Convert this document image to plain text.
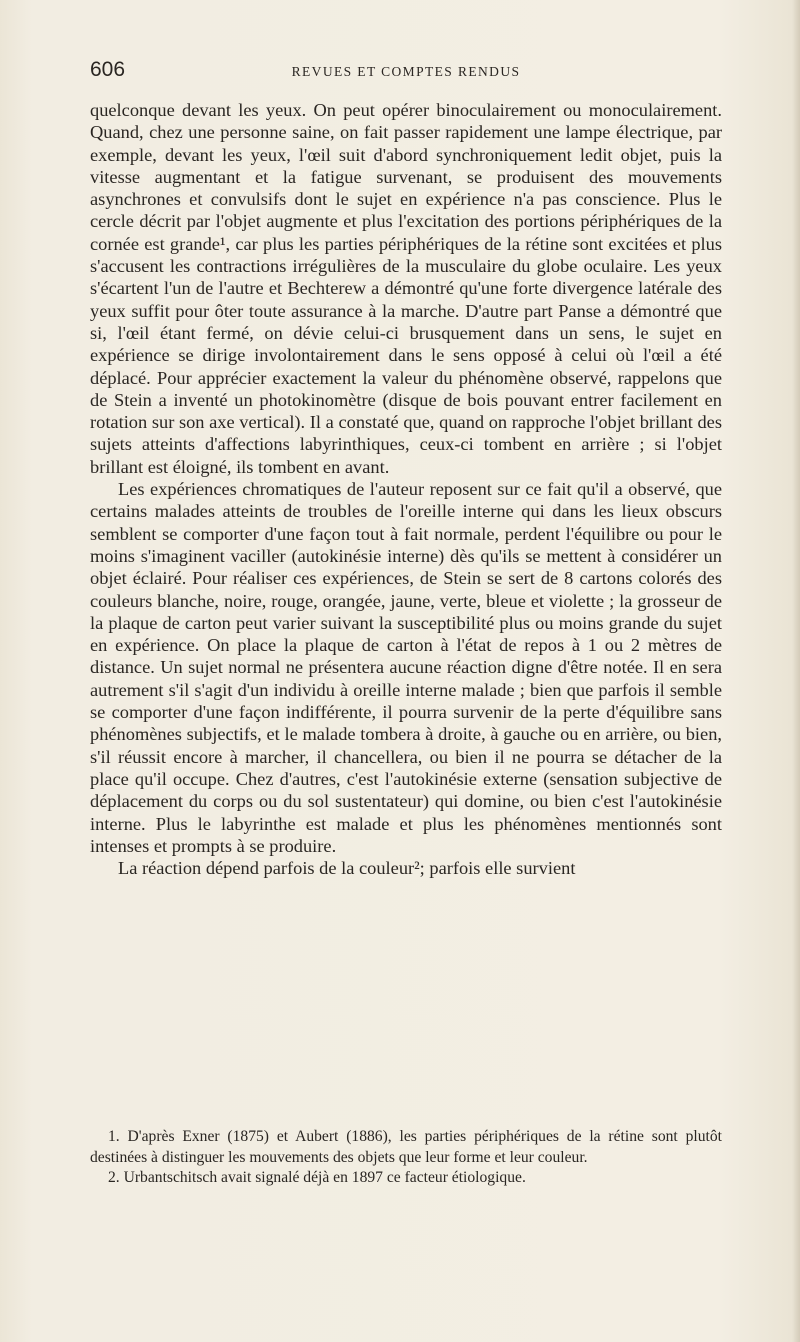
606	REVUES ET COMPTES RENDUS

quelconque devant les yeux. On peut opérer binoculairement ou monoculairement. Quand, chez une personne saine, on fait passer rapidement une lampe électrique, par exemple, devant les yeux, l'œil suit d'abord synchroniquement ledit objet, puis la vitesse augmentant et la fatigue survenant, se produisent des mouvements asynchrones et convulsifs dont le sujet en expérience n'a pas conscience. Plus le cercle décrit par l'objet augmente et plus l'excitation des portions périphériques de la cornée est grande¹, car plus les parties périphériques de la rétine sont excitées et plus s'accusent les contractions irrégulières de la musculaire du globe oculaire. Les yeux s'écartent l'un de l'autre et Bechterew a démontré qu'une forte divergence latérale des yeux suffit pour ôter toute assurance à la marche. D'autre part Panse a démontré que si, l'œil étant fermé, on dévie celui-ci brusquement dans un sens, le sujet en expérience se dirige involontairement dans le sens opposé à celui où l'œil a été déplacé. Pour apprécier exactement la valeur du phénomène observé, rappelons que de Stein a inventé un photokinomètre (disque de bois pouvant entrer facilement en rotation sur son axe vertical). Il a constaté que, quand on rapproche l'objet brillant des sujets atteints d'affections labyrinthiques, ceux-ci tombent en arrière ; si l'objet brillant est éloigné, ils tombent en avant.

Les expériences chromatiques de l'auteur reposent sur ce fait qu'il a observé, que certains malades atteints de troubles de l'oreille interne qui dans les lieux obscurs semblent se comporter d'une façon tout à fait normale, perdent l'équilibre ou pour le moins s'imaginent vaciller (autokinésie interne) dès qu'ils se mettent à considérer un objet éclairé. Pour réaliser ces expériences, de Stein se sert de 8 cartons colorés des couleurs blanche, noire, rouge, orangée, jaune, verte, bleue et violette ; la grosseur de la plaque de carton peut varier suivant la susceptibilité plus ou moins grande du sujet en expérience. On place la plaque de carton à l'état de repos à 1 ou 2 mètres de distance. Un sujet normal ne présentera aucune réaction digne d'être notée. Il en sera autrement s'il s'agit d'un individu à oreille interne malade ; bien que parfois il semble se comporter d'une façon indifférente, il pourra survenir de la perte d'équilibre sans phénomènes subjectifs, et le malade tombera à droite, à gauche ou en arrière, ou bien, s'il réussit encore à marcher, il chancellera, ou bien il ne pourra se détacher de la place qu'il occupe. Chez d'autres, c'est l'autokinésie externe (sensation subjective de déplacement du corps ou du sol sustentateur) qui domine, ou bien c'est l'autokinésie interne. Plus le labyrinthe est malade et plus les phénomènes mentionnés sont intenses et prompts à se produire.

La réaction dépend parfois de la couleur²; parfois elle survient

1. D'après Exner (1875) et Aubert (1886), les parties périphériques de la rétine sont plutôt destinées à distinguer les mouvements des objets que leur forme et leur couleur.

2. Urbantschitsch avait signalé déjà en 1897 ce facteur étiologique.
